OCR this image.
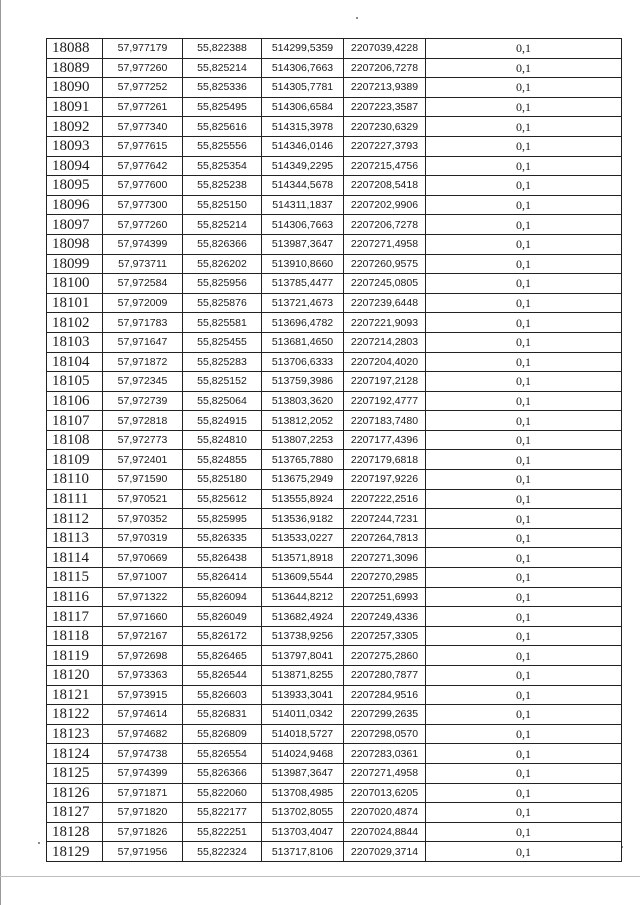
18088	57,977179	55,822388	514299,5359	2207039,4228	0,1
18089	57,977260	55,825214	514306,7663	2207206,7278	0,1
18090	57,977252	55,825336	514305,7781	2207213,9389	0,1
18091	57,977261	55,825495	514306,6584	2207223,3587	0,1
18092	57,977340	55,825616	514315,3978	2207230,6329	0,1
18093	57,977615	55,825556	514346,0146	2207227,3793	0,1
18094	57,977642	55,825354	514349,2295	2207215,4756	0,1
18095	57,977600	55,825238	514344,5678	2207208,5418	0,1
18096	57,977300	55,825150	514311,1837	2207202,9906	0,1
18097	57,977260	55,825214	514306,7663	2207206,7278	0,1
18098	57,974399	55,826366	513987,3647	2207271,4958	0,1
18099	57,973711	55,826202	513910,8660	2207260,9575	0,1
18100	57,972584	55,825956	513785,4477	2207245,0805	0,1
18101	57,972009	55,825876	513721,4673	2207239,6448	0,1
18102	57,971783	55,825581	513696,4782	2207221,9093	0,1
18103	57,971647	55,825455	513681,4650	2207214,2803	0,1
18104	57,971872	55,825283	513706,6333	2207204,4020	0,1
18105	57,972345	55,825152	513759,3986	2207197,2128	0,1
18106	57,972739	55,825064	513803,3620	2207192,4777	0,1
18107	57,972818	55,824915	513812,2052	2207183,7480	0,1
18108	57,972773	55,824810	513807,2253	2207177,4396	0,1
18109	57,972401	55,824855	513765,7880	2207179,6818	0,1
18110	57,971590	55,825180	513675,2949	2207197,9226	0,1
18111	57,970521	55,825612	513555,8924	2207222,2516	0,1
18112	57,970352	55,825995	513536,9182	2207244,7231	0,1
18113	57,970319	55,826335	513533,0227	2207264,7813	0,1
18114	57,970669	55,826438	513571,8918	2207271,3096	0,1
18115	57,971007	55,826414	513609,5544	2207270,2985	0,1
18116	57,971322	55,826094	513644,8212	2207251,6993	0,1
18117	57,971660	55,826049	513682,4924	2207249,4336	0,1
18118	57,972167	55,826172	513738,9256	2207257,3305	0,1
18119	57,972698	55,826465	513797,8041	2207275,2860	0,1
18120	57,973363	55,826544	513871,8255	2207280,7877	0,1
18121	57,973915	55,826603	513933,3041	2207284,9516	0,1
18122	57,974614	55,826831	514011,0342	2207299,2635	0,1
18123	57,974682	55,826809	514018,5727	2207298,0570	0,1
18124	57,974738	55,826554	514024,9468	2207283,0361	0,1
18125	57,974399	55,826366	513987,3647	2207271,4958	0,1
18126	57,971871	55,822060	513708,4985	2207013,6205	0,1
18127	57,971820	55,822177	513702,8055	2207020,4874	0,1
18128	57,971826	55,822251	513703,4047	2207024,8844	0,1
18129	57,971956	55,822324	513717,8106	2207029,3714	0,1
